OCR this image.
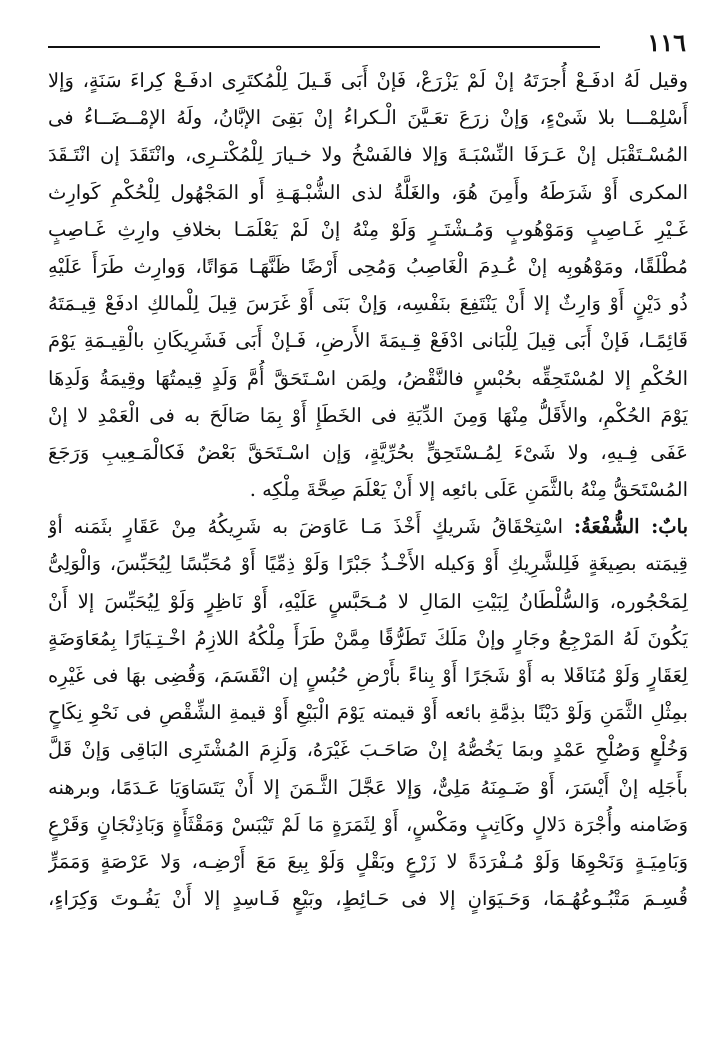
١١٦
وقيل لَهُ ادفَـعْ أُجرَتَهُ إنْ لَمْ يَزْرَعْ، فَإنْ أَبَى قَـيلَ لِلْمُكتَرِى ادفَـعْ كِراءَ سَنَةٍ، وَإلا
أَسْلِمْـــا بلا شَىْءٍ، وَإنْ زرَعَ تعَـيَّنَ الْـكراءُ إنْ بَقِىَ الإبَّانُ، ولَهُ الإمْــضَــاءُ فى
المُسْـتَقْبَل إنْ عَـرَفَا النِّسْبَـةَ وَإلا فالفَسْخُ ولا خـيارَ لِلْمُكْتـرِى، وانْتَقَدَ إن انْتَـقَدَ
المكرى أَوْ شَرَطَهُ وأَمِنَ هُوَ، والغَلَّةُ لذى الشُّبْـهَـةِ أَو المَجْهُول لِلْحُكْمِ كَوارِث
غَـيْرِ غَـاصِبٍ وَمَوْهُوبٍ وَمُـشْتَـرٍ وَلَوْ مِنْهُ إنْ لَمْ يَعْلَمَـا بخلافِ وارِثِ غَـاصِبٍ
مُطْلَقًا، ومَوْهُوبِه إنْ عُـدِمَ الْغَاصِبُ وَمُحِى أَرْضًا ظَنَّهَـا مَوَاتًا، وَوارِث طَرَأَ عَلَيْهِ
ذُو دَيْنٍ أَوْ وَارِثٌ إلا أَنْ يَنْتَفِعَ بنَفْسِه، وَإنْ بَنَى أَوْ غَرَسَ قِيلَ لِلْمالكِ ادفَعْ قِيـمَتَهُ
قَائِمًـا، فَإنْ أَبَى قِيلَ لِلْبَانى ادْفَعْ قِـيمَةَ الأَرضِ، فَـإنْ أَبَى فَشَرِيكَانِ بالْقِيـمَةِ يَوْمَ
الحُكْمِ إلا لمُسْتَحِقِّه بحُبْسٍ فالنَّقْضُ، ولِمَن اسْـتَحَقَّ أُمَّ وَلَدٍ قِيمتُهَا وقِيمَةُ وَلَدِهَا
يَوْمَ الحُكْمِ، والأَقَلُّ مِنْهَا وَمِنَ الدِّيَةِ فى الخَطَإِ أَوْ بِمَا صَالَحَ به فى الْعَمْدِ لا إنْ
عَفَى فِـيهِ، ولا شَىْءَ لِمُـسْتَحِقٍّ بحُرِّيَّةٍ، وَإن اسْـتَحَقَّ بَعْضٌ فَكالْمَـعِيبِ وَرَجَعَ
المُسْتَحَقُّ مِنْهُ بالثَّمَنِ عَلَى بائعِه إلا أَنْ يَعْلَمَ صِحَّةَ مِلْكِه .
بابٌ: الشُّفْعَةُ: اسْتِحْقَاقُ شَريكٍ أَخْذَ مَـا عَاوَضَ به شَرِيكُهُ مِنْ عَقَارٍ بثَمَنه أوْ
قِيمَته بصِيغَةٍ فَلِلشَّرِيكِ أَوْ وَكيله الأَخْـذُ جَبْرًا وَلَوْ ذِمِّيًا أَوْ مُحَبِّسًا لِيُحَبِّسَ، وَالْوَلِىُّ
لِمَحْجُوره، وَالسُّلْطَانُ لِبَيْتِ المَالِ لا مُـحَبَّسٍ عَلَيْهِ، أَوْ نَاظِرٍ وَلَوْ لِيُحَبِّسَ إلا أَنْ
يَكُونَ لَهُ المَرْجِعُ وجَارٍ وإنْ مَلَكَ تَطَرُّقًا مِمَّنْ طَرَأَ مِلْكُهُ اللازِمُ اخْـتِـيَارًا بِمُعَاوَضَةٍ
لِعَقَارٍ وَلَوْ مُنَاقَلا به أَوْ شَجَرًا أَوْ بِناءً بأَرْضِ حُبُسٍ إن انْقَسَمَ، وَقُضِى بهَا فى غَيْرِه
بمِثْلِ الثَّمَنِ وَلَوْ دَيْنًا بذِمَّةِ بائعه أَوْ قيمته يَوْمَ الْبَيْعِ أَوْ قيمةِ الشِّقْصِ فى نَحْوِ نِكَاحٍ
وَخُلْعٍ وَصُلْحِ عَمْدٍ وبمَا يَخُصُّهُ إنْ صَاحَـبَ غَيْرَهُ، وَلَزِمَ المُشْتَرِى البَاقِى وَإنْ قَلَّ
بأَجَلِه إنْ أَيْسَرَ، أَوْ ضَـمِنَهُ مَلِىٌّ، وَإلا عَجَّلَ الثَّـمَنَ إلا أَنْ يَتَسَاوَيَا عَـدَمًا، وبرهنه
وَضَامنه وأُجْرَة دَلالٍ وكَاتِبٍ ومَكْسٍ، أَوْ لِثَمَرَةٍ مَا لَمْ تَيْبَسْ وَمَقْثَأَةٍ وَبَاذِنْجَانٍ وَقَرْعٍ
وَبَامِيَـةٍ وَنَحْوِهَا وَلَوْ مُـفْرَدَةً لا زَرْعٍ وبَقْلٍ وَلَوْ بِيعَ مَعَ أَرْضِـه، وَلا عَرْصَةٍ وَمَمَرٍّ
قُسِـمَ مَتْبُـوعُهُـمَا، وَحَـيَوَانٍ إلا فى حَـائِطٍ، وبَيْعٍ فَـاسِدٍ إلا أَنْ يَفُـوتَ وَكِرَاءٍ،
